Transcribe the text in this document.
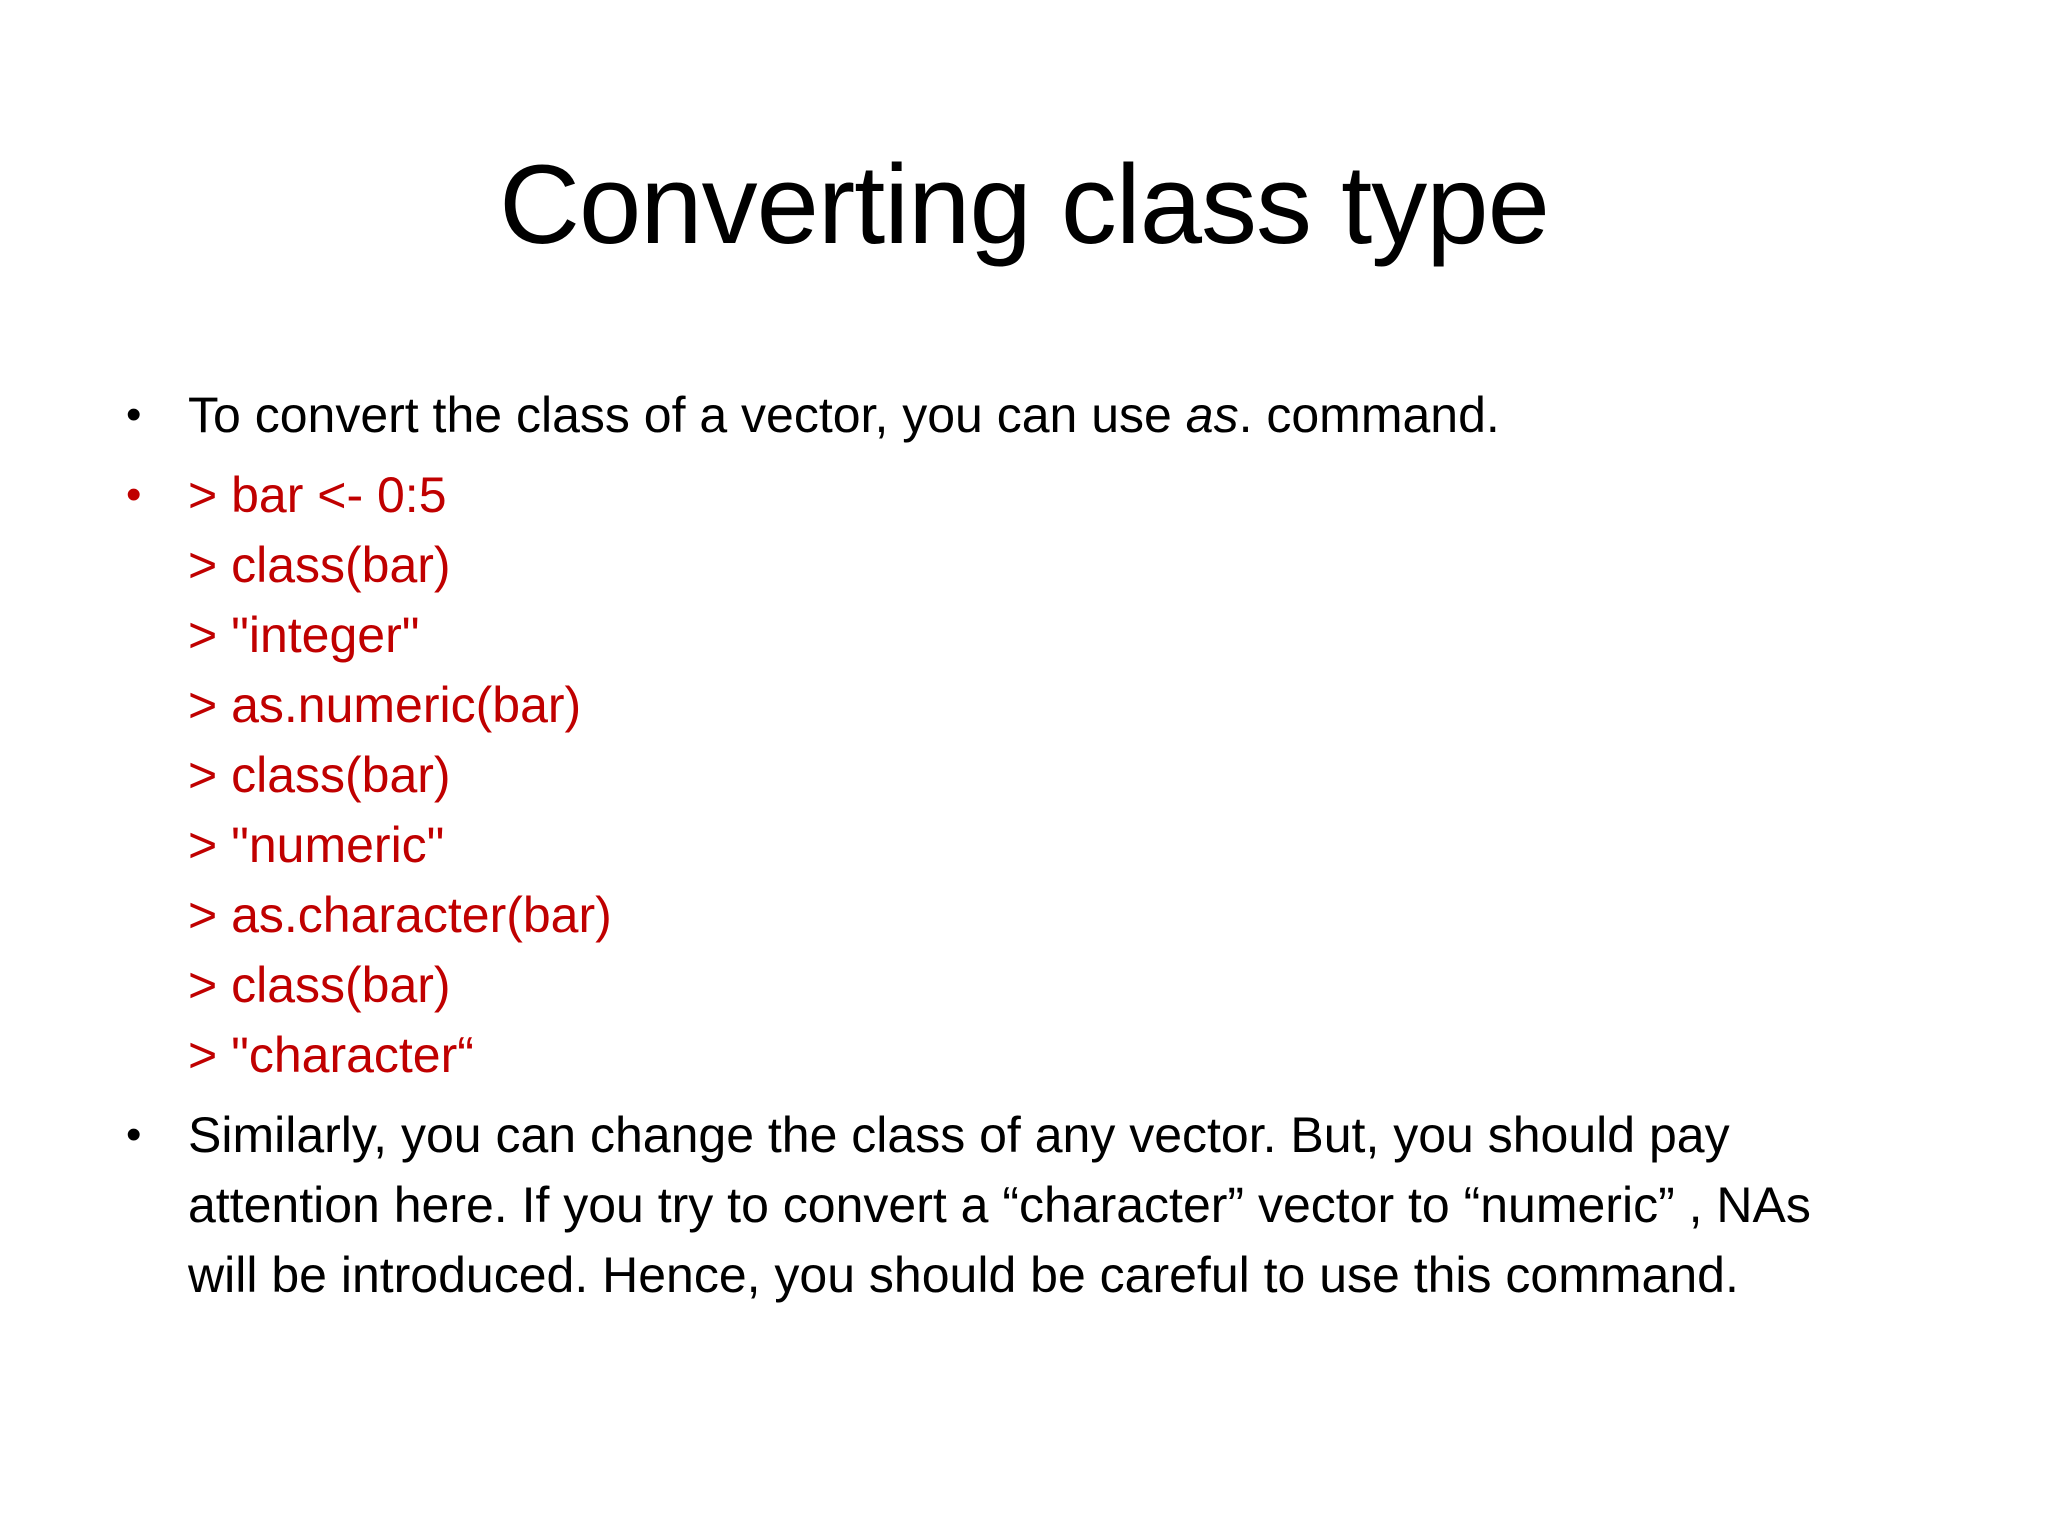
Converting class type
• To convert the class of a vector, you can use as. command.
• > bar <- 0:5
> class(bar)
> "integer"
> as.numeric(bar)
> class(bar)
> "numeric"
> as.character(bar)
> class(bar)
> "character“
• Similarly, you can change the class of any vector. But, you should pay attention here. If you try to convert a “character” vector to “numeric” , NAs will be introduced. Hence, you should be careful to use this command.
